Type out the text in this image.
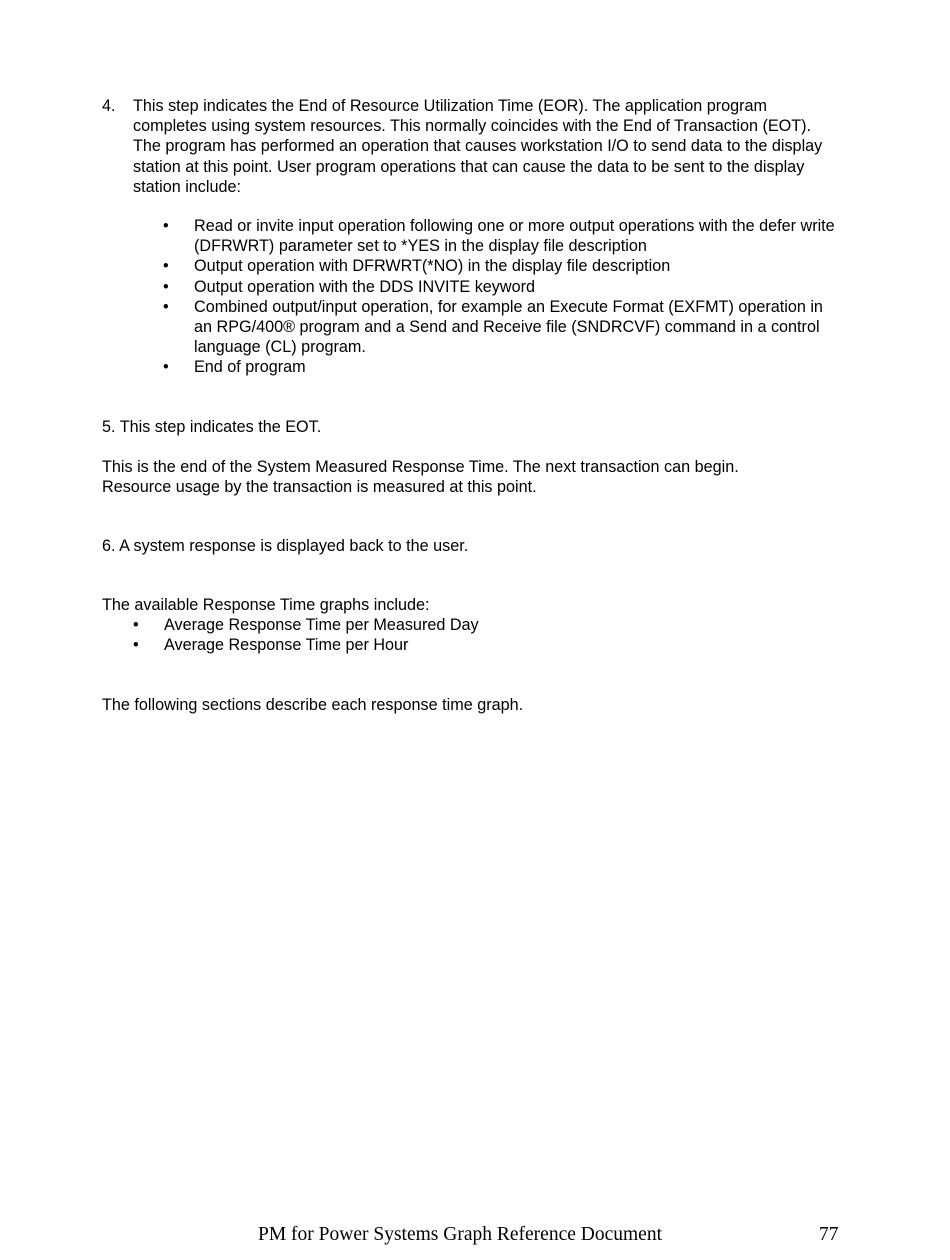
4. This step indicates the End of Resource Utilization Time (EOR). The application program completes using system resources. This normally coincides with the End of Transaction (EOT). The program has performed an operation that causes workstation I/O to send data to the display station at this point. User program operations that can cause the data to be sent to the display station include:

• Read or invite input operation following one or more output operations with the defer write (DFRWRT) parameter set to *YES in the display file description
• Output operation with DFRWRT(*NO) in the display file description
• Output operation with the DDS INVITE keyword
• Combined output/input operation, for example an Execute Format (EXFMT) operation in an RPG/400® program and a Send and Receive file (SNDRCVF) command in a control language (CL) program.
• End of program

5. This step indicates the EOT.

This is the end of the System Measured Response Time. The next transaction can begin. Resource usage by the transaction is measured at this point.

6. A system response is displayed back to the user.

The available Response Time graphs include:

• Average Response Time per Measured Day
• Average Response Time per Hour

The following sections describe each response time graph.

PM for Power Systems Graph Reference Document	77
